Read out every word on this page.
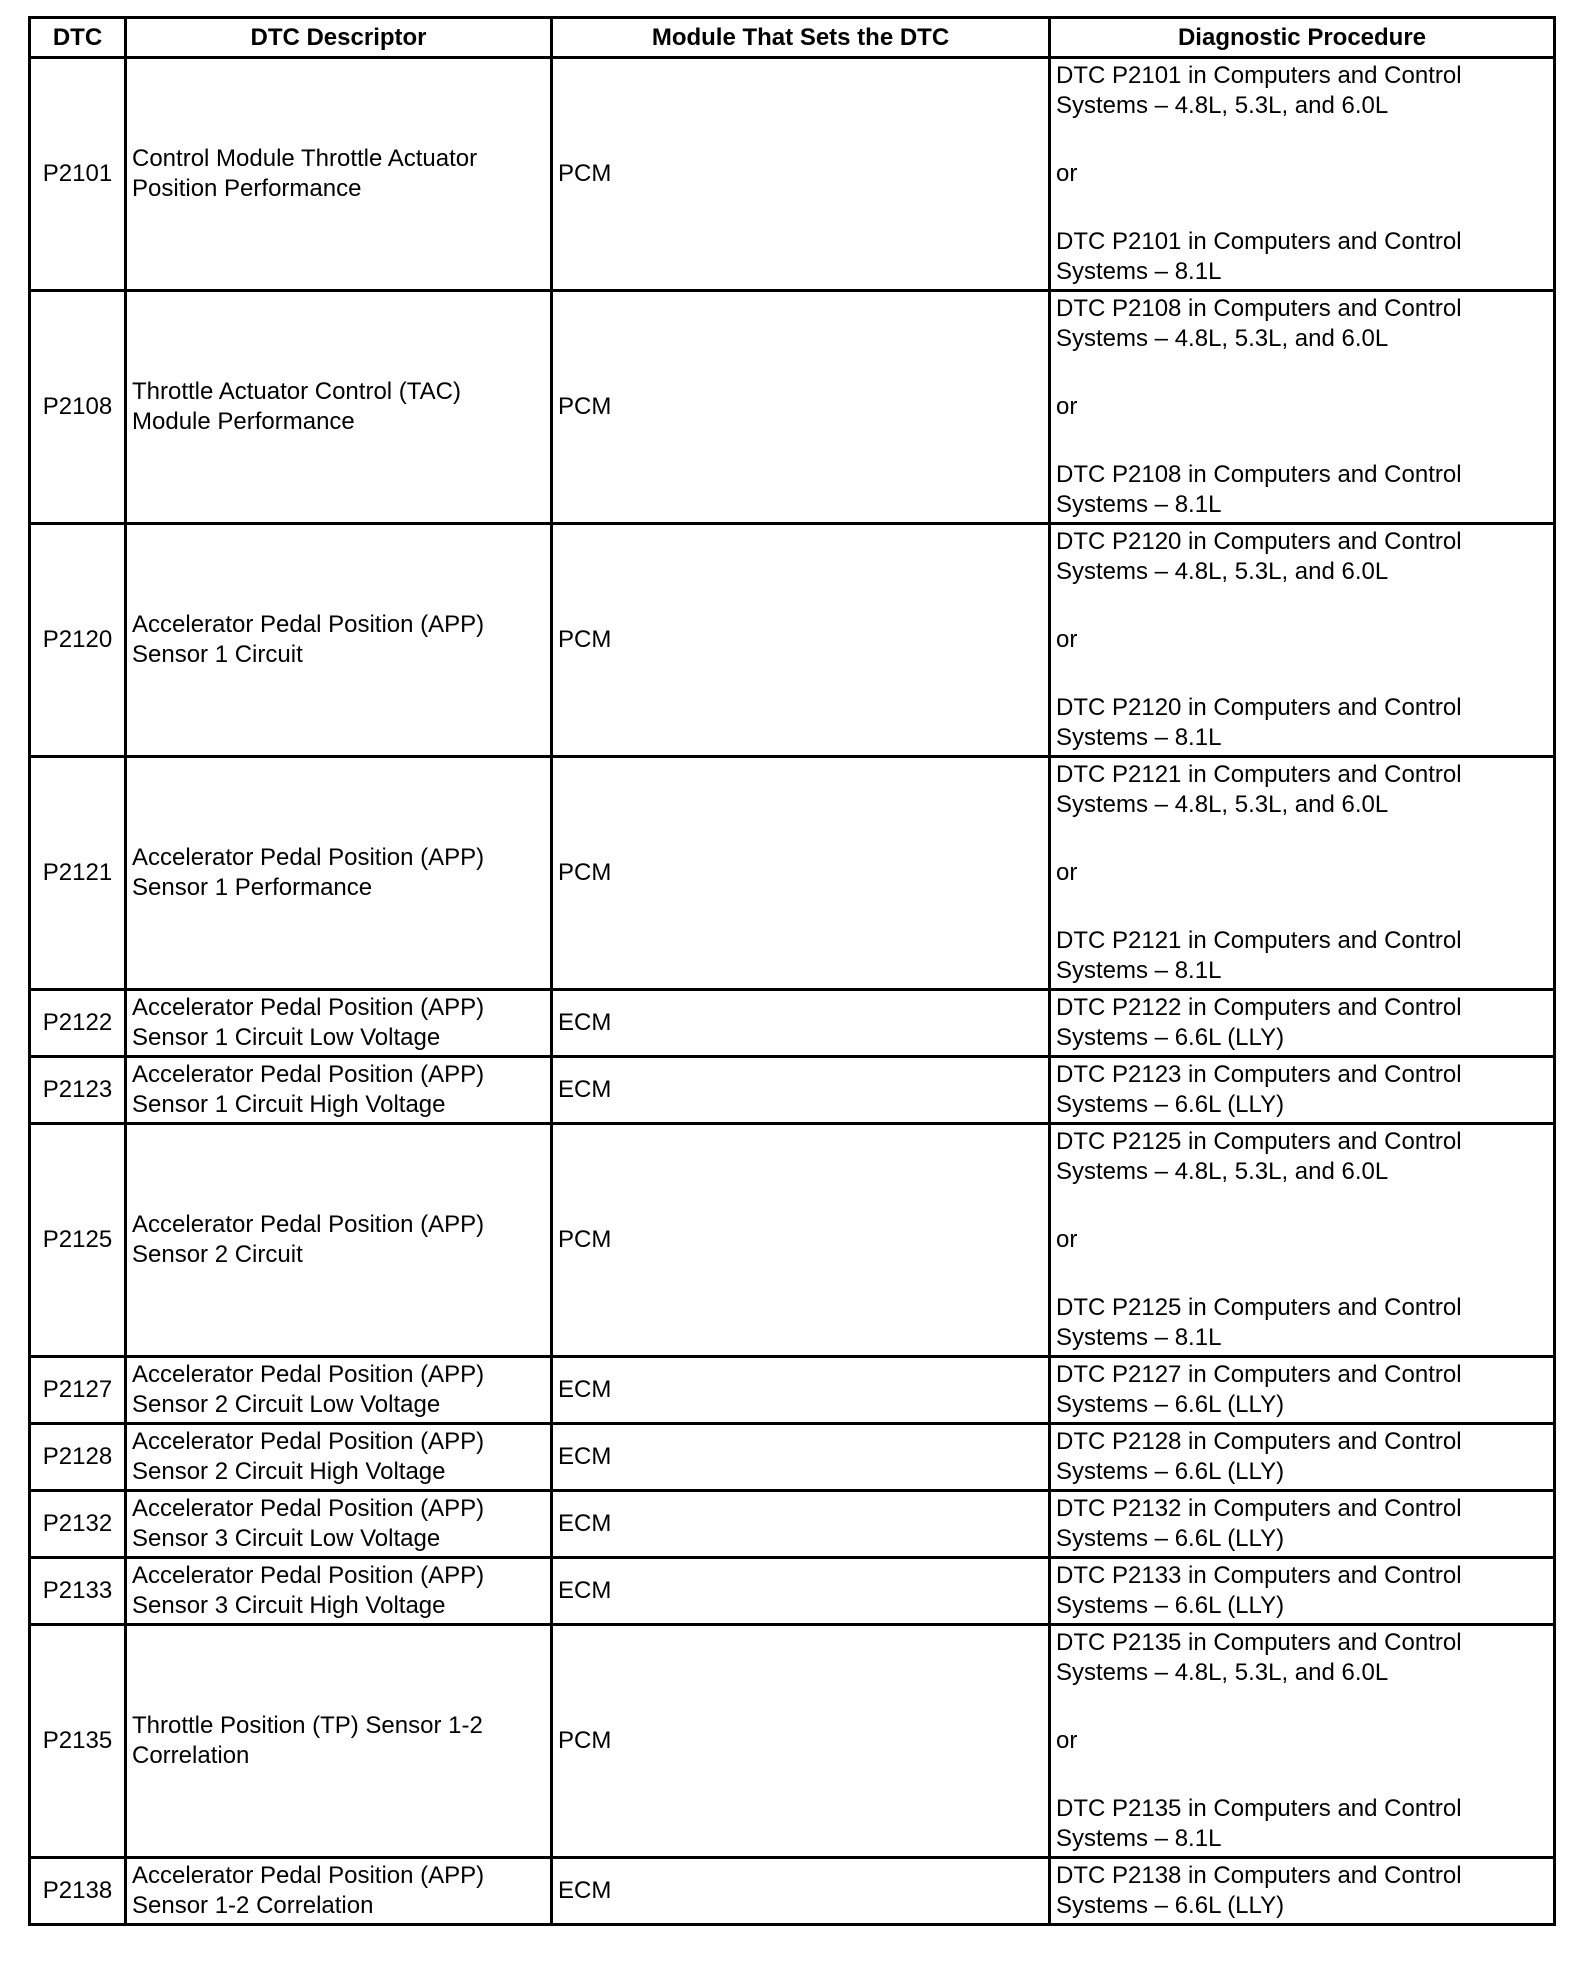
DTC	DTC Descriptor	Module That Sets the DTC	Diagnostic Procedure
P2101	Control Module Throttle Actuator Position Performance	PCM	DTC P2101 in Computers and Control Systems – 4.8L, 5.3L, and 6.0L
or
DTC P2101 in Computers and Control Systems – 8.1L

P2108	Throttle Actuator Control (TAC) Module Performance	PCM	DTC P2108 in Computers and Control Systems – 4.8L, 5.3L, and 6.0L
or
DTC P2108 in Computers and Control Systems – 8.1L

P2120	Accelerator Pedal Position (APP) Sensor 1 Circuit	PCM	DTC P2120 in Computers and Control Systems – 4.8L, 5.3L, and 6.0L
or
DTC P2120 in Computers and Control Systems – 8.1L

P2121	Accelerator Pedal Position (APP) Sensor 1 Performance	PCM	DTC P2121 in Computers and Control Systems – 4.8L, 5.3L, and 6.0L
or
DTC P2121 in Computers and Control Systems – 8.1L

P2122	Accelerator Pedal Position (APP) Sensor 1 Circuit Low Voltage	ECM	DTC P2122 in Computers and Control Systems – 6.6L (LLY)
P2123	Accelerator Pedal Position (APP) Sensor 1 Circuit High Voltage	ECM	DTC P2123 in Computers and Control Systems – 6.6L (LLY)
P2125	Accelerator Pedal Position (APP) Sensor 2 Circuit	PCM	DTC P2125 in Computers and Control Systems – 4.8L, 5.3L, and 6.0L
or
DTC P2125 in Computers and Control Systems – 8.1L

P2127	Accelerator Pedal Position (APP) Sensor 2 Circuit Low Voltage	ECM	DTC P2127 in Computers and Control Systems – 6.6L (LLY)
P2128	Accelerator Pedal Position (APP) Sensor 2 Circuit High Voltage	ECM	DTC P2128 in Computers and Control Systems – 6.6L (LLY)
P2132	Accelerator Pedal Position (APP) Sensor 3 Circuit Low Voltage	ECM	DTC P2132 in Computers and Control Systems – 6.6L (LLY)
P2133	Accelerator Pedal Position (APP) Sensor 3 Circuit High Voltage	ECM	DTC P2133 in Computers and Control Systems – 6.6L (LLY)
P2135	Throttle Position (TP) Sensor 1-2 Correlation	PCM	DTC P2135 in Computers and Control Systems – 4.8L, 5.3L, and 6.0L
or
DTC P2135 in Computers and Control Systems – 8.1L

P2138	Accelerator Pedal Position (APP) Sensor 1-2 Correlation	ECM	DTC P2138 in Computers and Control Systems – 6.6L (LLY)
